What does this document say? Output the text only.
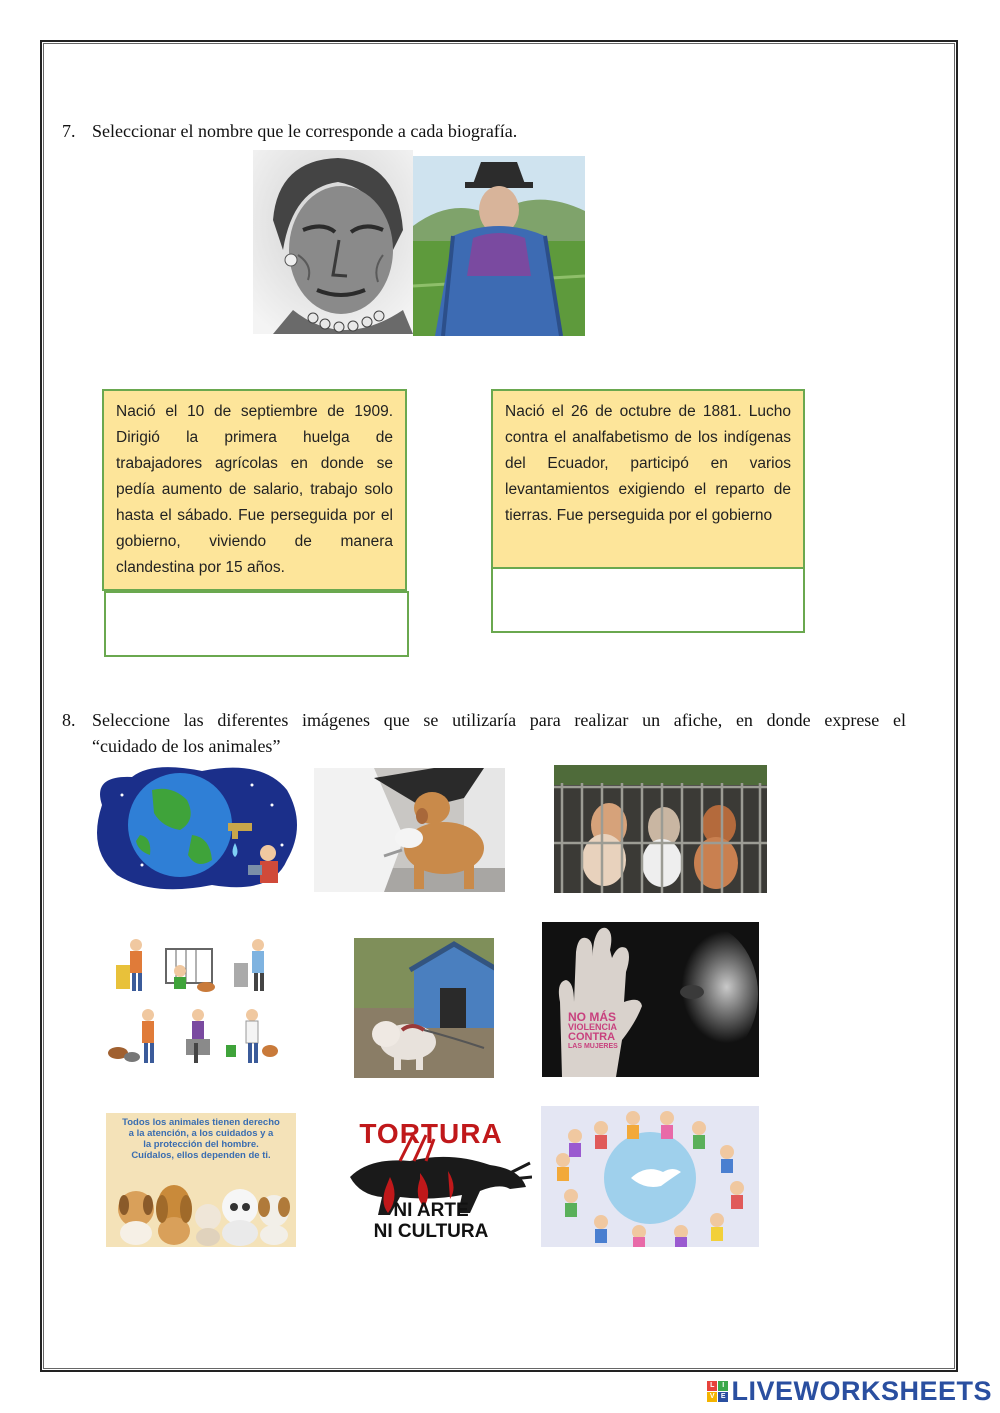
7. Seleccionar el nombre que le corresponde a cada biografía.
Nació el 10 de septiembre de 1909. Dirigió la primera huelga de trabajadores agrícolas en donde se pedía aumento de salario, trabajo solo hasta el sábado. Fue perseguida por el gobierno, viviendo de manera clandestina por 15 años.
Nació el 26 de octubre de 1881. Lucho contra el analfabetismo de los indígenas del Ecuador, participó en varios levantamientos exigiendo el reparto de tierras. Fue perseguida por el gobierno
8. Seleccione las diferentes imágenes que se utilizaría para realizar un afiche, en donde exprese el
“cuidado de los animales”
NO MÁS
VIOLENCIA
CONTRA
LAS MUJERES
Todos los animales tienen derecho
a la atención, a los cuidados y a
la protección del hombre.
Cuídalos, ellos dependen de ti.
TORTURA
NI ARTE
NI CULTURA
L	I
V E LIVEWORKSHEETS
